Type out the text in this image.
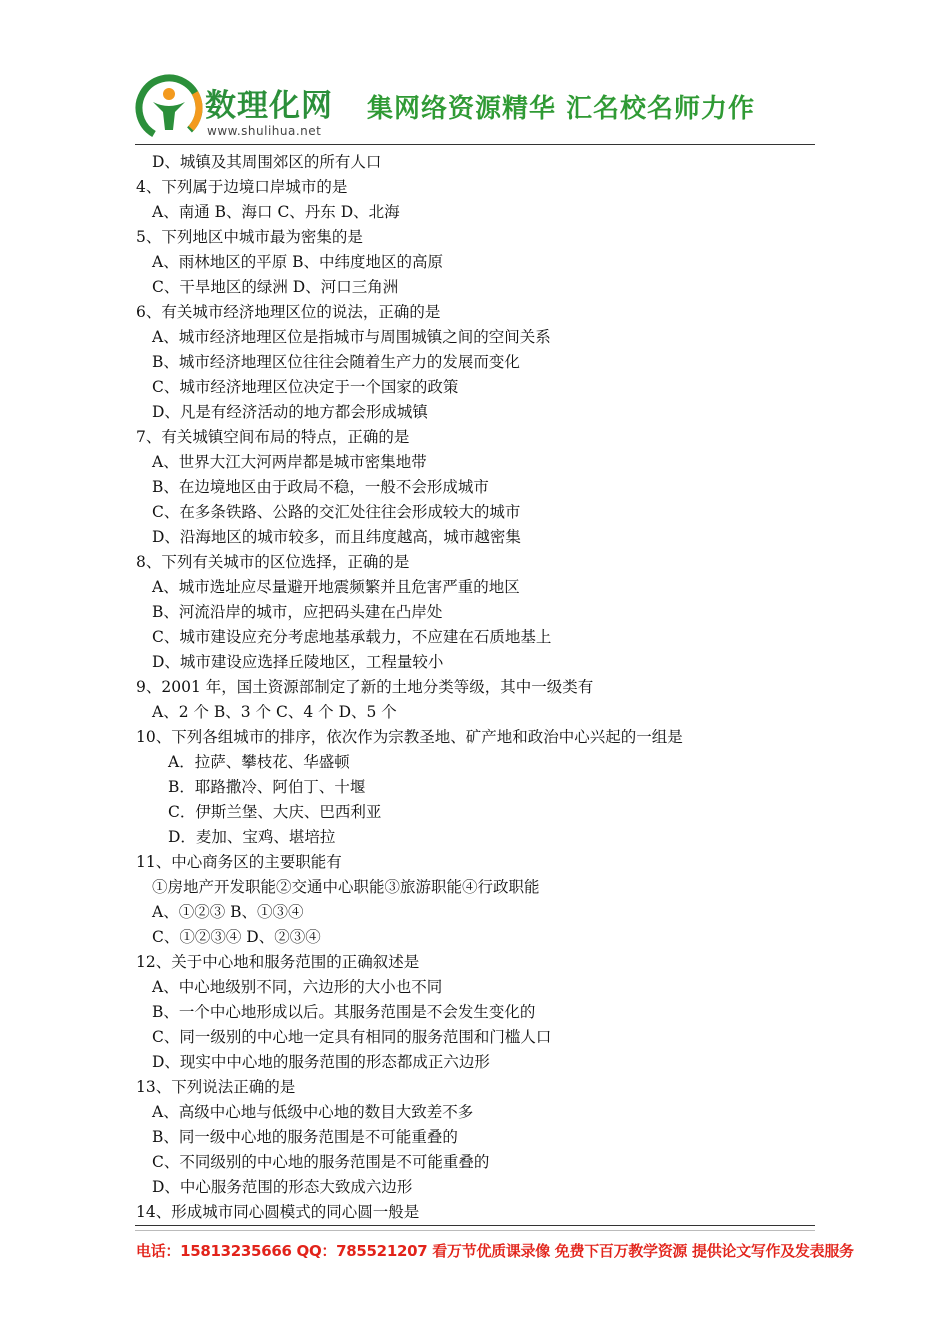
数理化网
www.shulihua.net
集网络资源精华 汇名校名师力作
D、城镇及其周围郊区的所有人口
4、下列属于边境口岸城市的是
A、南通 B、海口 C、丹东 D、北海
5、下列地区中城市最为密集的是
A、雨林地区的平原 B、中纬度地区的高原
C、干旱地区的绿洲 D、河口三角洲
6、有关城市经济地理区位的说法，正确的是
A、城市经济地理区位是指城市与周围城镇之间的空间关系
B、城市经济地理区位往往会随着生产力的发展而变化
C、城市经济地理区位决定于一个国家的政策
D、凡是有经济活动的地方都会形成城镇
7、有关城镇空间布局的特点，正确的是
A、世界大江大河两岸都是城市密集地带
B、在边境地区由于政局不稳，一般不会形成城市
C、在多条铁路、公路的交汇处往往会形成较大的城市
D、沿海地区的城市较多，而且纬度越高，城市越密集
8、下列有关城市的区位选择，正确的是
A、城市选址应尽量避开地震频繁并且危害严重的地区
B、河流沿岸的城市，应把码头建在凸岸处
C、城市建设应充分考虑地基承载力，不应建在石质地基上
D、城市建设应选择丘陵地区，工程量较小
9、2001 年，国土资源部制定了新的土地分类等级，其中一级类有
A、2 个 B、3 个 C、4 个 D、5 个
10、下列各组城市的排序，依次作为宗教圣地、矿产地和政治中心兴起的一组是
A．拉萨、攀枝花、华盛顿
B．耶路撒冷、阿伯丁、十堰
C．伊斯兰堡、大庆、巴西利亚
D．麦加、宝鸡、堪培拉
11、中心商务区的主要职能有
①房地产开发职能②交通中心职能③旅游职能④行政职能
A、①②③ B、①③④
C、①②③④ D、②③④
12、关于中心地和服务范围的正确叙述是
A、中心地级别不同，六边形的大小也不同
B、一个中心地形成以后。其服务范围是不会发生变化的
C、同一级别的中心地一定具有相同的服务范围和门槛人口
D、现实中中心地的服务范围的形态都成正六边形
13、下列说法正确的是
A、高级中心地与低级中心地的数目大致差不多
B、同一级中心地的服务范围是不可能重叠的
C、不同级别的中心地的服务范围是不可能重叠的
D、中心服务范围的形态大致成六边形
14、形成城市同心圆模式的同心圆一般是
电话：15813235666 QQ：785521207 看万节优质课录像 免费下百万教学资源 提供论文写作及发表服务
